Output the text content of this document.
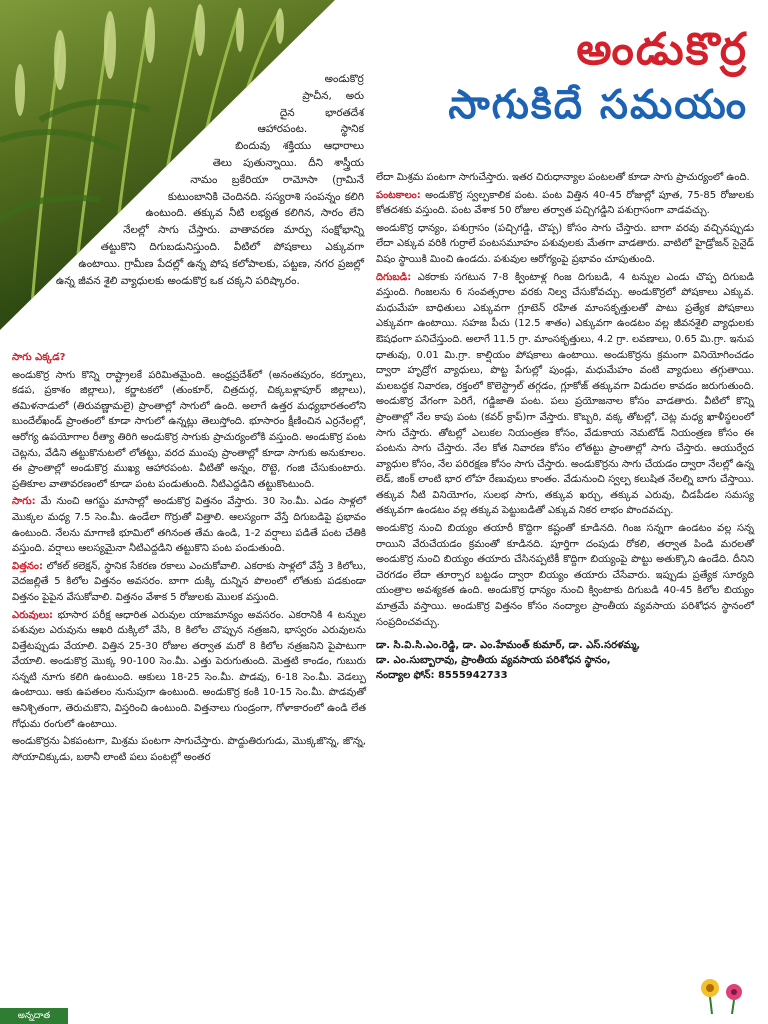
అండుకొర్ర
సాగుకిదే సమయం

అండుకొర్ర ప్రాచీన, అరు దైన భారతదేశ ఆహారపంట. స్థానిక బిందువు శక్తియు ఆధారాలు తెలు పుతున్నాయి. దీని శాస్త్రీయ నామం బ్రకేరియా రామోసా (గ్రామినే కుటుంబానికి చెందినది. సస్యరాశి సంపన్నం కలిగి ఉంటుంది. తక్కువ నీటి లభ్యత కలిగిన, సారం లేని నేలల్లో సాగు చేస్తారు. వాతావరణ మార్పు సంక్షోభాన్ని తట్టుకొని దిగుబడునిస్తుంది. వీటిలో పోషకాలు ఎక్కువగా ఉంటాయి. గ్రామీణ పేదల్లో ఉన్న పోష కలోపాలకు, పట్టణ, నగర ప్రజల్లో ఉన్న జీవన శైలి వ్యాధులకు అండుకొర్ర ఒక చక్కని పరిష్కారం.

సాగు ఎక్కడ?

అండుకొర్ర సాగు కొన్ని రాష్ట్రాలకే పరిమితమైంది. ఆంధ్రప్రదేశ్‌లో (అనంతపురం, కర్నూలు, కడప, ప్రకాశం జిల్లాలు), కర్ణాటకలో (తుంకూర్, చిత్రదుర్గ, చిక్కబళ్లాపూర్ జిల్లాలు), తమిళనాడులో (తిరువణ్ణామలై) ప్రాంతాల్లో సాగులో ఉంది. అలాగే ఉత్తర మధ్యభారతంలోని బుందేల్‌ఖండ్ ప్రాంతంలో కూడా సాగులో ఉన్నట్లు తెలుస్తోంది. భూసారం క్షీణించిన ఎర్రనేలల్లో, ఆరోగ్య ఉపయోగాల రీత్యా తిరిగి అండుకొర్ర సాగుకు ప్రాచుర్యంలోకి వస్తుంది. అండుకొర్ర పంట చెట్లను, వేడిని తట్టుకొనుటలో లోతట్టు, వరద ముంపు ప్రాంతాల్లో కూడా సాగుకు అనుకూలం. ఈ ప్రాంతాల్లో అండుకొర్ర ముఖ్య ఆహారపంట. వీటితో అన్నం, రొట్టె, గంజి చేసుకుంటారు. ప్రతికూల వాతావరణంలో కూడా పంట పండుతుంది. నీటిఎద్దడిని తట్టుకొంటుంది.

సాగు: మే నుంచి ఆగస్టు మాసాల్లో అండుకొర్ర విత్తనం వేస్తారు. 30 సెం.మీ. ఎడం సాళ్లలో మొక్కల మధ్య 7.5 సెం.మీ. ఉండేలా గొర్రుతో విత్తాలి. ఆలస్యంగా వేస్తే దిగుబడిపై ప్రభావం ఉంటుంది. నేలను మాగాణి భూమిలో తగినంత తేమ ఉండి, 1-2 వర్షాలు పడితే పంట చేతికి వస్తుంది. వర్షాలు ఆలస్యమైనా నీటిఎద్దడిని తట్టుకొని పంట పండుతుంది.

విత్తనం: లోకల్ కలెక్షన్, స్థానిక సేకరణ రకాలు ఎంచుకోవాలి. ఎకరాకు సాళ్లలో వేస్తే 3 కిలోలు, వెదజల్లితే 5 కిలోల విత్తనం అవసరం. బాగా దుక్కి దున్నిన పొలంలో లోతుకు పడకుండా విత్తనం పైపైన వేసుకోవాలి. విత్తనం వేశాక 5 రోజులకు మొలక వస్తుంది.

ఎరువులు: భూసార పరీక్ష ఆధారిత ఎరువుల యాజమాన్యం అవసరం. ఎకరానికి 4 టన్నుల పశువుల ఎరువును ఆఖరి దుక్కిలో వేసి, 8 కిలోల చొప్పున నత్రజని, భాస్వరం ఎరువులను విత్తేటప్పుడు వేయాలి. విత్తిన 25-30 రోజుల తర్వాత మరో 8 కిలోల నత్రజనిని పైపాటుగా వేయాలి. అండుకొర్ర మొక్క 90-100 సెం.మీ. ఎత్తు పెరుగుతుంది. మెత్తటి కాండం, గుబురు సన్నటి నూగు కలిగి ఉంటుంది. ఆకులు 18-25 సెం.మీ. పొడవు, 6-18 సెం.మీ. వెడల్పు ఉంటాయి. ఆకు ఉపతలం నునుపుగా ఉంటుంది. అండుకొర్ర కంకి 10-15 సెం.మీ. పొడవుతో ఆనిశ్చితంగా, తెరుచుకొని, విస్తరించి ఉంటుంది. విత్తనాలు గుండ్రంగా, గోళాకారంలో ఉండి లేత గోధుమ రంగులో ఉంటాయి.

అండుకొర్రను ఏకపంటగా, మిశ్రమ పంటగా సాగుచేస్తారు. పొద్దుతిరుగుడు, మొక్కజొన్న, జొన్న, సోయాచిక్కుడు, బఠానీ లాంటి పలు పంటల్లో అంతర

లేదా మిశ్రమ పంటగా సాగుచేస్తారు. ఇతర చిరుధాన్యాల పంటలతో కూడా సాగు ప్రాచుర్యంలో ఉంది.

పంటకాలం: అండుకొర్ర స్వల్పకాలిక పంట. పంట విత్తిన 40-45 రోజుల్లో పూత, 75-85 రోజులకు కోతదశకు వస్తుంది. పంట వేశాక 50 రోజుల తర్వాత పచ్చిగడ్డిని పశుగ్రాసంగా వాడవచ్చు.

అండుకొర్ర ధాన్యం, పశుగ్రాసం (పచ్చిగడ్డి, చొప్ప) కోసం సాగు చేస్తారు. బాగా వరవు వచ్చినప్పుడు లేదా ఎక్కువ వరికి గుర్రాలే పంటసమూహం పశువులకు మేతగా వాడతారు. వాటిలో హైడ్రోజన్ సైనైడ్ విషం స్థాయికి మించి ఉండదు. పశువుల ఆరోగ్యంపై ప్రభావం చూపుతుంది.

దిగుబడి: ఎకరాకు సగటున 7-8 క్వింటాళ్ల గింజ దిగుబడి, 4 టన్నుల ఎండు చొప్ప దిగుబడి వస్తుంది. గింజలను 6 సంవత్సరాల వరకు నిల్వ చేసుకోవచ్చు. అండుకొర్రలో పోషకాలు ఎక్కువ. మధుమేహ బాధితులు ఎక్కువగా గ్లూటెన్ రహిత మాంసకృత్తులతో పాటు ప్రత్యేక పోషకాలు ఎక్కువగా ఉంటాయి. సహజ పీచు (12.5 శాతం) ఎక్కువగా ఉండటం వల్ల జీవనశైలి వ్యాధులకు ఔషధంగా పనిచేస్తుంది. అలాగే 11.5 గ్రా. మాంసకృత్తులు, 4.2 గ్రా. లవణాలు, 0.65 మి.గ్రా. ఇనుప ధాతువు, 0.01 మి.గ్రా. కాల్షియం పోషకాలు ఉంటాయి. అండుకొర్రను క్రమంగా వినియోగించడం ద్వారా హృద్రోగ వ్యాధులు, పొట్ట పేగుల్లో పుండ్లు, మధుమేహం వంటి వ్యాధులు తగ్గుతాయి. మలబద్ధక నివారణ, రక్తంలో కొలెస్ట్రాల్ తగ్గడం, గ్లూకోజ్ తక్కువగా విడుదల కావడం జరుగుతుంది. అండుకొర్ర వేగంగా పెరిగే, గడ్డిజాతి పంట. పలు ప్రయోజనాల కోసం వాడతారు. వీటిలో కొన్ని ప్రాంతాల్లో నేల కాపు పంట (కవర్ క్రాప్)గా వేస్తారు. కొబ్బరి, వక్క తోటల్లో, చెట్ల మధ్య ఖాళీస్థలంలో సాగు చేస్తారు. తోటల్లో ఎలుకల నియంత్రణ కోసం, వేడుకాయ నెమటోడ్ నియంత్రణ కోసం ఈ పంటను సాగు చేస్తారు. నేల కోత నివారణ కోసం లోతట్టు ప్రాంతాల్లో సాగు చేస్తారు. ఆయుర్వేద వ్యాధుల కోసం, నేల పరిరక్షణ కోసం సాగు చేస్తారు. అండుకొర్రను సాగు చేయడం ద్వారా నేలల్లో ఉన్న లెడ్, జింక్ లాంటి భార లోహ రేణువులు కాంతం. వేడునుంచి స్వల్ప కలుషిత నేలల్ని బాగు చేస్తాయి. తక్కువ నీటి వినియోగం, సులభ సాగు, తక్కువ ఖర్చు, తక్కువ ఎరువు, చీడపీడల సమస్య తక్కువగా ఉండటం వల్ల తక్కువ పెట్టుబడితో ఎక్కువ నికర లాభం పొందవచ్చు.

అండుకొర్ర నుంచి బియ్యం తయారీ కొద్దిగా కష్టంతో కూడినది. గింజ సన్నగా ఉండటం వల్ల సన్న రాయిని వేరుచేయడం క్రమంతో కూడినది. పూర్తిగా దంపుడు రోకలి, తర్వాత పిండి మరలతో అండుకొర్ర నుంచి బియ్యం తయారు చేసినప్పటికీ కొద్దిగా బియ్యంపై పొట్టు అతుక్కొని ఉండేది. దీనిని చెరగడం లేదా తూర్పార బట్టడం ద్వారా బియ్యం తయారు చేసేవారు. ఇప్పుడు ప్రత్యేక సూర్యది యంత్రాల అవశ్యకత ఉంది. అండుకొర్ర ధాన్యం నుంచి క్వింటాకు దిగుబడి 40-45 కిలోల బియ్యం మాత్రమే వస్తాయి. అండుకొర్ర విత్తనం కోసం నంద్యాల ప్రాంతీయ వ్యవసాయ పరిశోధన స్థానంలో సంప్రదించవచ్చు.

డా. సి.వి.సి.ఎం.రెడ్డి, డా. ఎం.హేమంత్ కుమార్, డా. ఎస్.సరళమ్మ,
డా. ఎం.సుబ్బారావు, ప్రాంతీయ వ్యవసాయ పరిశోధన స్థానం,
నంద్యాల ఫోన్: 8555942733
అన్నదాత
